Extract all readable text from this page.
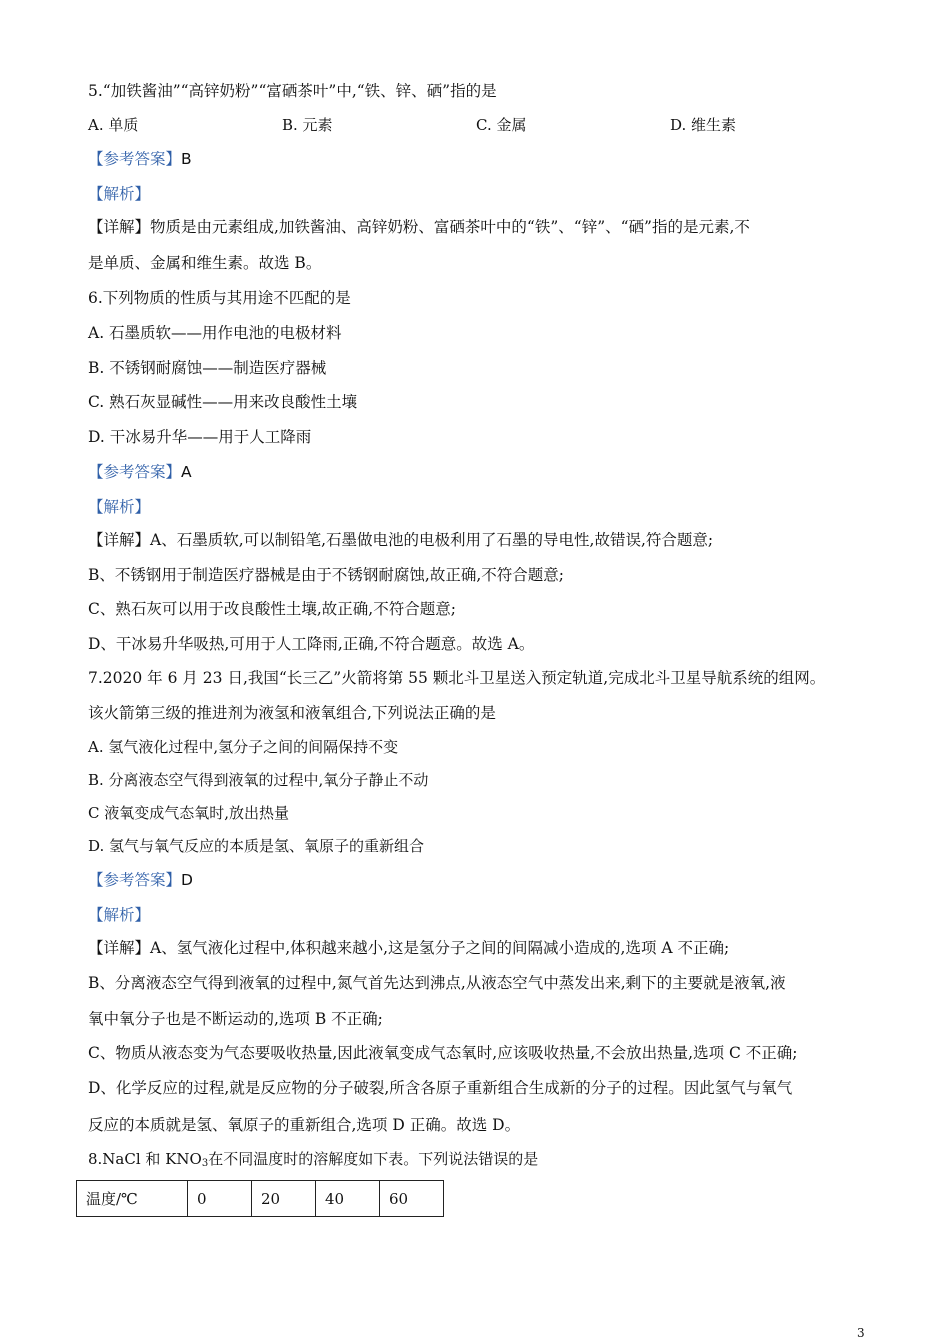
5.“加铁酱油”“高锌奶粉”“富硒茶叶”中,“铁、锌、硒”指的是
A. 单质	B. 元素	C. 金属	D. 维生素
【参考答案】B
【解析】
【详解】物质是由元素组成,加铁酱油、高锌奶粉、富硒茶叶中的“铁”、“锌”、“硒”指的是元素,不
是单质、金属和维生素。故选 B。
6.下列物质的性质与其用途不匹配的是
A. 石墨质软——用作电池的电极材料
B. 不锈钢耐腐蚀——制造医疗器械
C. 熟石灰显碱性——用来改良酸性土壤
D. 干冰易升华——用于人工降雨
【参考答案】A
【解析】
【详解】A、石墨质软,可以制铅笔,石墨做电池的电极利用了石墨的导电性,故错误,符合题意;
B、不锈钢用于制造医疗器械是由于不锈钢耐腐蚀,故正确,不符合题意;
C、熟石灰可以用于改良酸性土壤,故正确,不符合题意;
D、干冰易升华吸热,可用于人工降雨,正确,不符合题意。故选 A。
7.2020 年 6 月 23 日,我国“长三乙”火箭将第 55 颗北斗卫星送入预定轨道,完成北斗卫星导航系统的组网。
该火箭第三级的推进剂为液氢和液氧组合,下列说法正确的是
A. 氢气液化过程中,氢分子之间的间隔保持不变
B. 分离液态空气得到液氧的过程中,氧分子静止不动
C 液氧变成气态氧时,放出热量
D. 氢气与氧气反应的本质是氢、氧原子的重新组合
【参考答案】D
【解析】
【详解】A、氢气液化过程中,体积越来越小,这是氢分子之间的间隔减小造成的,选项 A 不正确;
B、分离液态空气得到液氧的过程中,氮气首先达到沸点,从液态空气中蒸发出来,剩下的主要就是液氧,液
氧中氧分子也是不断运动的,选项 B 不正确;
C、物质从液态变为气态要吸收热量,因此液氧变成气态氧时,应该吸收热量,不会放出热量,选项 C 不正确;
D、化学反应的过程,就是反应物的分子破裂,所含各原子重新组合生成新的分子的过程。因此氢气与氧气
反应的本质就是氢、氧原子的重新组合,选项 D 正确。故选 D。
8.NaCl 和 $KNO_3$在不同温度时的溶解度如下表。下列说法错误的是
温度/℃	0	20	40	60
3
